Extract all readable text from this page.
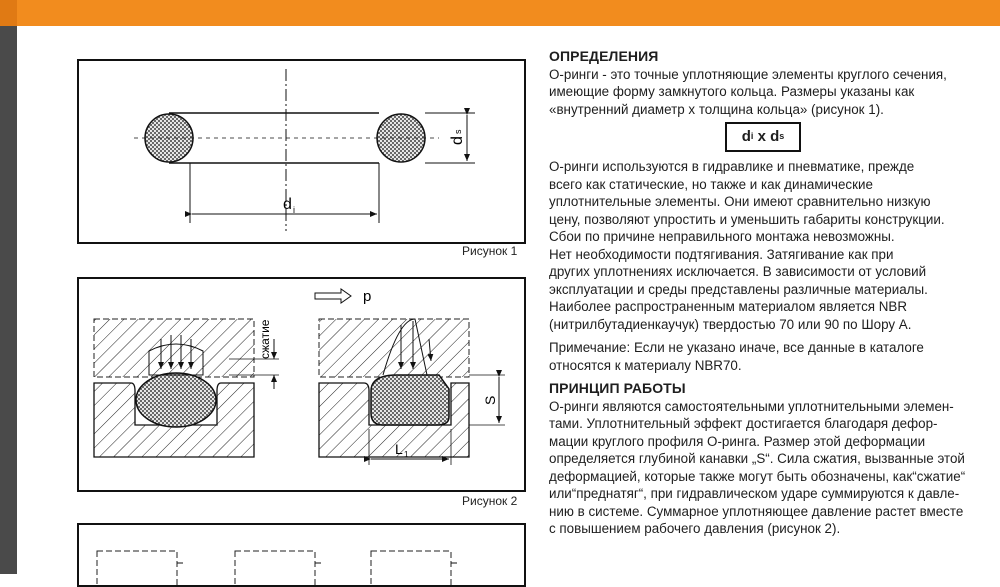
d i
d
s
Рисунок 1
сжатие
p
S
L 1
Рисунок 2
ОПРЕДЕЛЕНИЯ

О-ринги - это точные уплотняющие элементы круглого сечения,

имеющие форму замкнутого кольца. Размеры указаны как

«внутренний диаметр х толщина кольца» (рисунок 1).

d i x d s

О-ринги используются в гидравлике и пневматике, прежде

всего как статические, но также и как динамические

уплотнительные элементы. Они имеют сравнительно низкую

цену, позволяют упростить и уменьшить габариты конструкции.

Сбои по причине неправильного монтажа невозможны.

Нет необходимости подтягивания. Затягивание как при

других уплотнениях исключается. В зависимости от условий

эксплуатации и среды представлены различные материалы.

Наиболее распространенным материалом является NBR

(нитрилбутадиенкаучук) твердостью 70 или 90 по Шору А.

Примечание: Если не указано иначе, все данные в каталоге

относятся к материалу NBR70.

ПРИНЦИП РАБОТЫ

О-ринги являются самостоятельными уплотнительными элемен-

тами. Уплотнительный эффект достигается благодаря дефор-

мации круглого профиля О-ринга. Размер этой деформации

определяется глубиной канавки „S“. Сила сжатия, вызванные этой

деформацией, которые также могут быть обозначены, как“сжатие“

или“преднатяг“, при гидравлическом ударе суммируются к давле-

нию в системе. Суммарное уплотняющее давление растет вместе

с повышением рабочего давления (рисунок 2).
